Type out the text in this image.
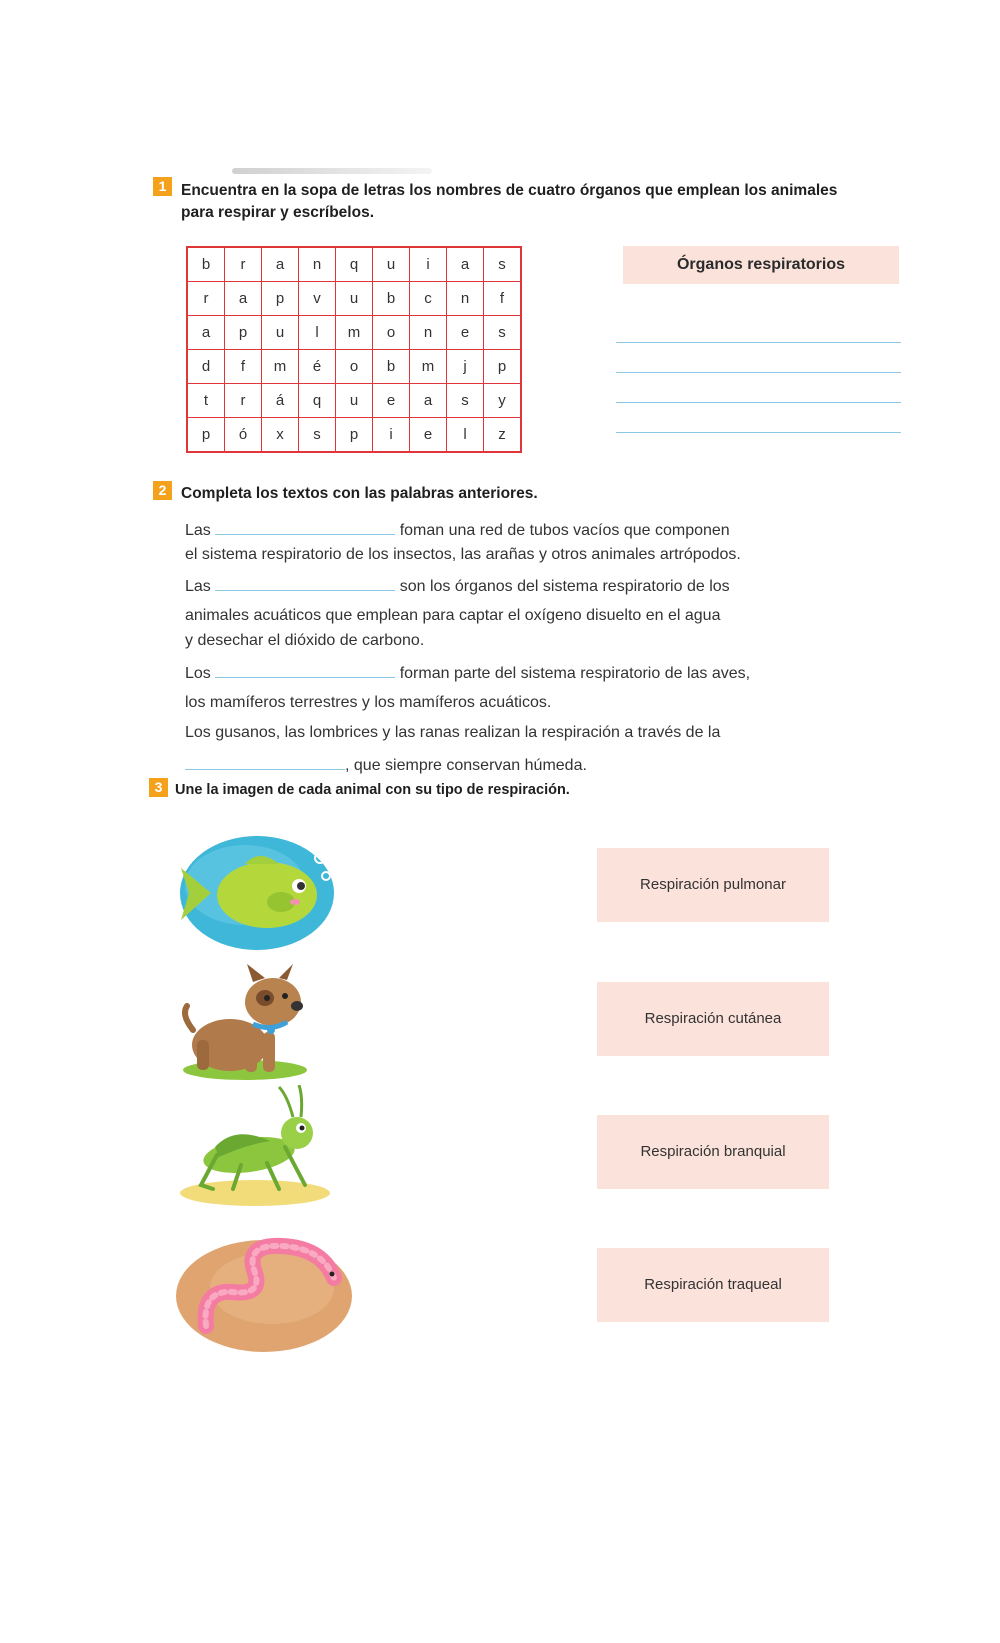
1 Encuentra en la sopa de letras los nombres de cuatro órganos que emplean los animales
para respirar y escríbelos.
b	r	a	n	q	u	i	a	s
r	a	p	v	u	b	c	n	f
a	p	u	l	m	o	n	e	s
d	f	m	é	o	b	m	j	p
t	r	á	q	u	e	a	s	y
p	ó	x	s	p	i	e	l	z
Órganos respiratorios
2 Completa los textos con las palabras anteriores.
Las	foman una red de tubos vacíos que componen
el sistema respiratorio de los insectos, las arañas y otros animales artrópodos.
Las	son los órganos del sistema respiratorio de los
animales acuáticos que emplean para captar el oxígeno disuelto en el agua
y desechar el dióxido de carbono.
Los	forman parte del sistema respiratorio de las aves,
los mamíferos terrestres y los mamíferos acuáticos.
Los gusanos, las lombrices y las ranas realizan la respiración a través de la
, que siempre conservan húmeda.
3 Une la imagen de cada animal con su tipo de respiración.
Respiración pulmonar
Respiración cutánea
Respiración branquial
Respiración traqueal
